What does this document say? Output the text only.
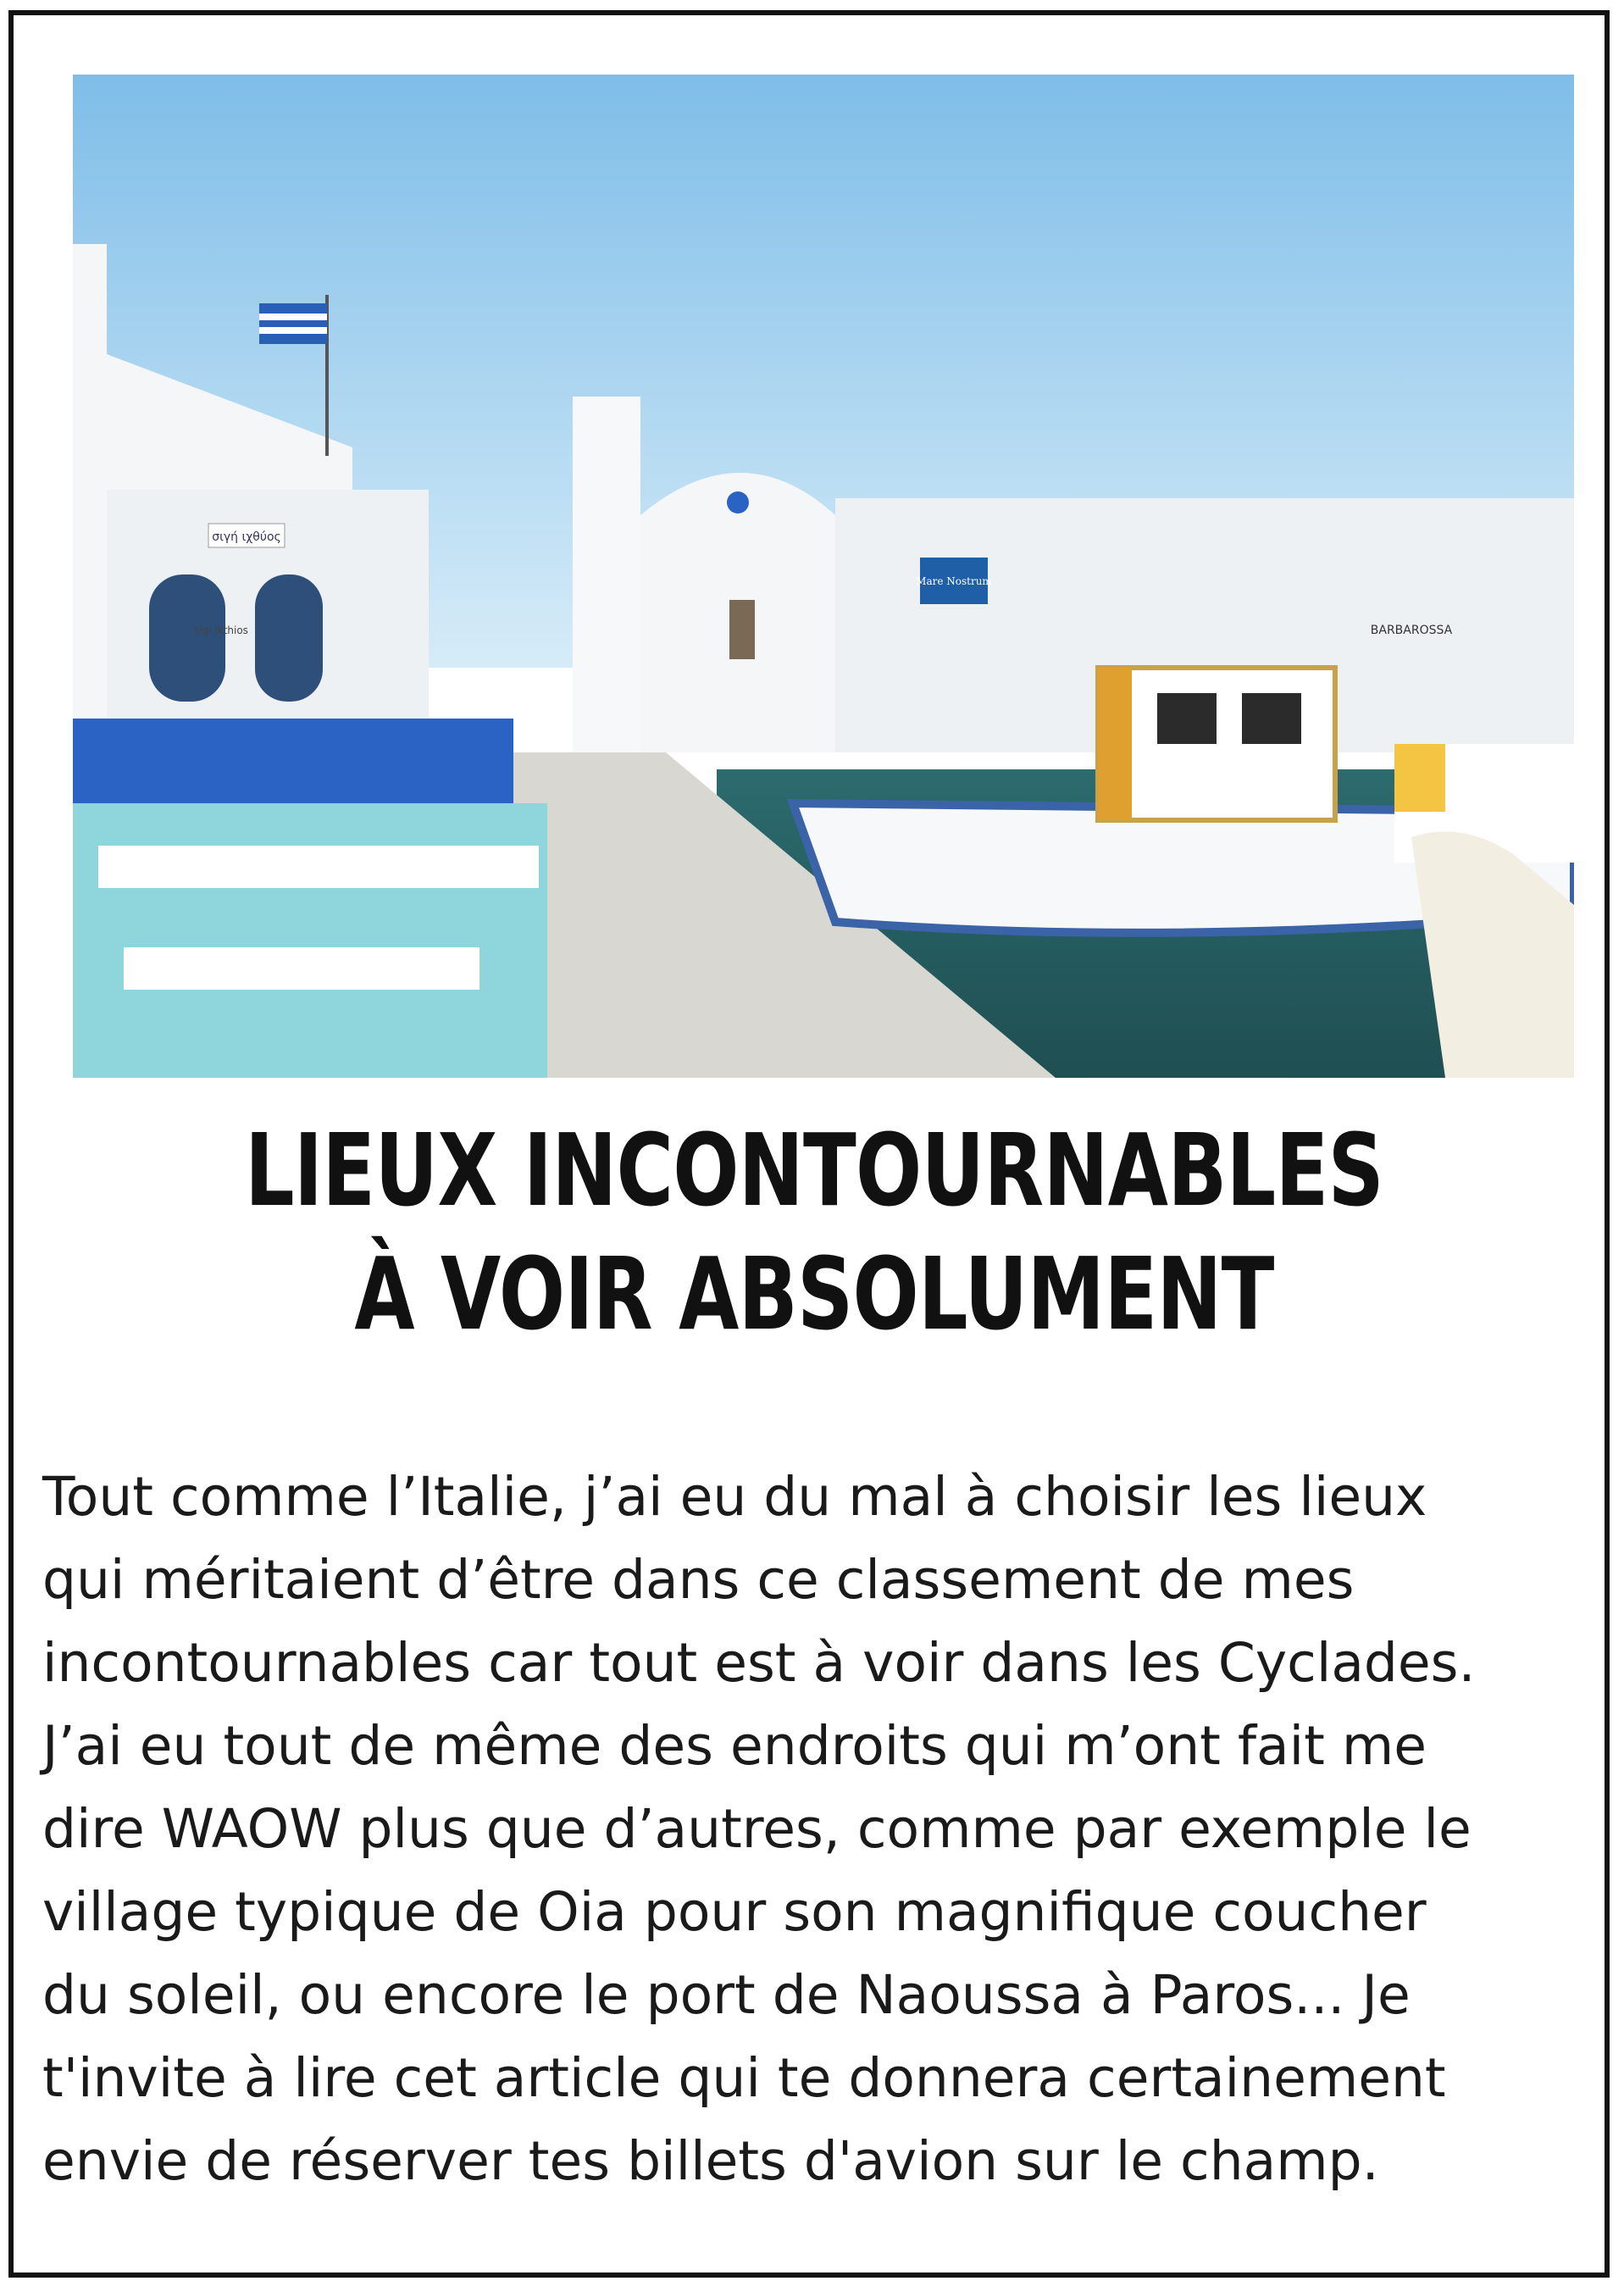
σιγή ιχθύος
sigi ikthios
Mare Nostrum
BARBAROSSA
LIEUX INCONTOURNABLES
À VOIR ABSOLUMENT
Tout comme l’Italie, j’ai eu du mal à choisir les lieux
qui méritaient d’être dans ce classement de mes
incontournables car tout est à voir dans les Cyclades.
J’ai eu tout de même des endroits qui m’ont fait me
dire WAOW plus que d’autres, comme par exemple le
village typique de Oia pour son magnifique coucher
du soleil, ou encore le port de Naoussa à Paros... Je
t'invite à lire cet article qui te donnera certainement
envie de réserver tes billets d'avion sur le champ.
